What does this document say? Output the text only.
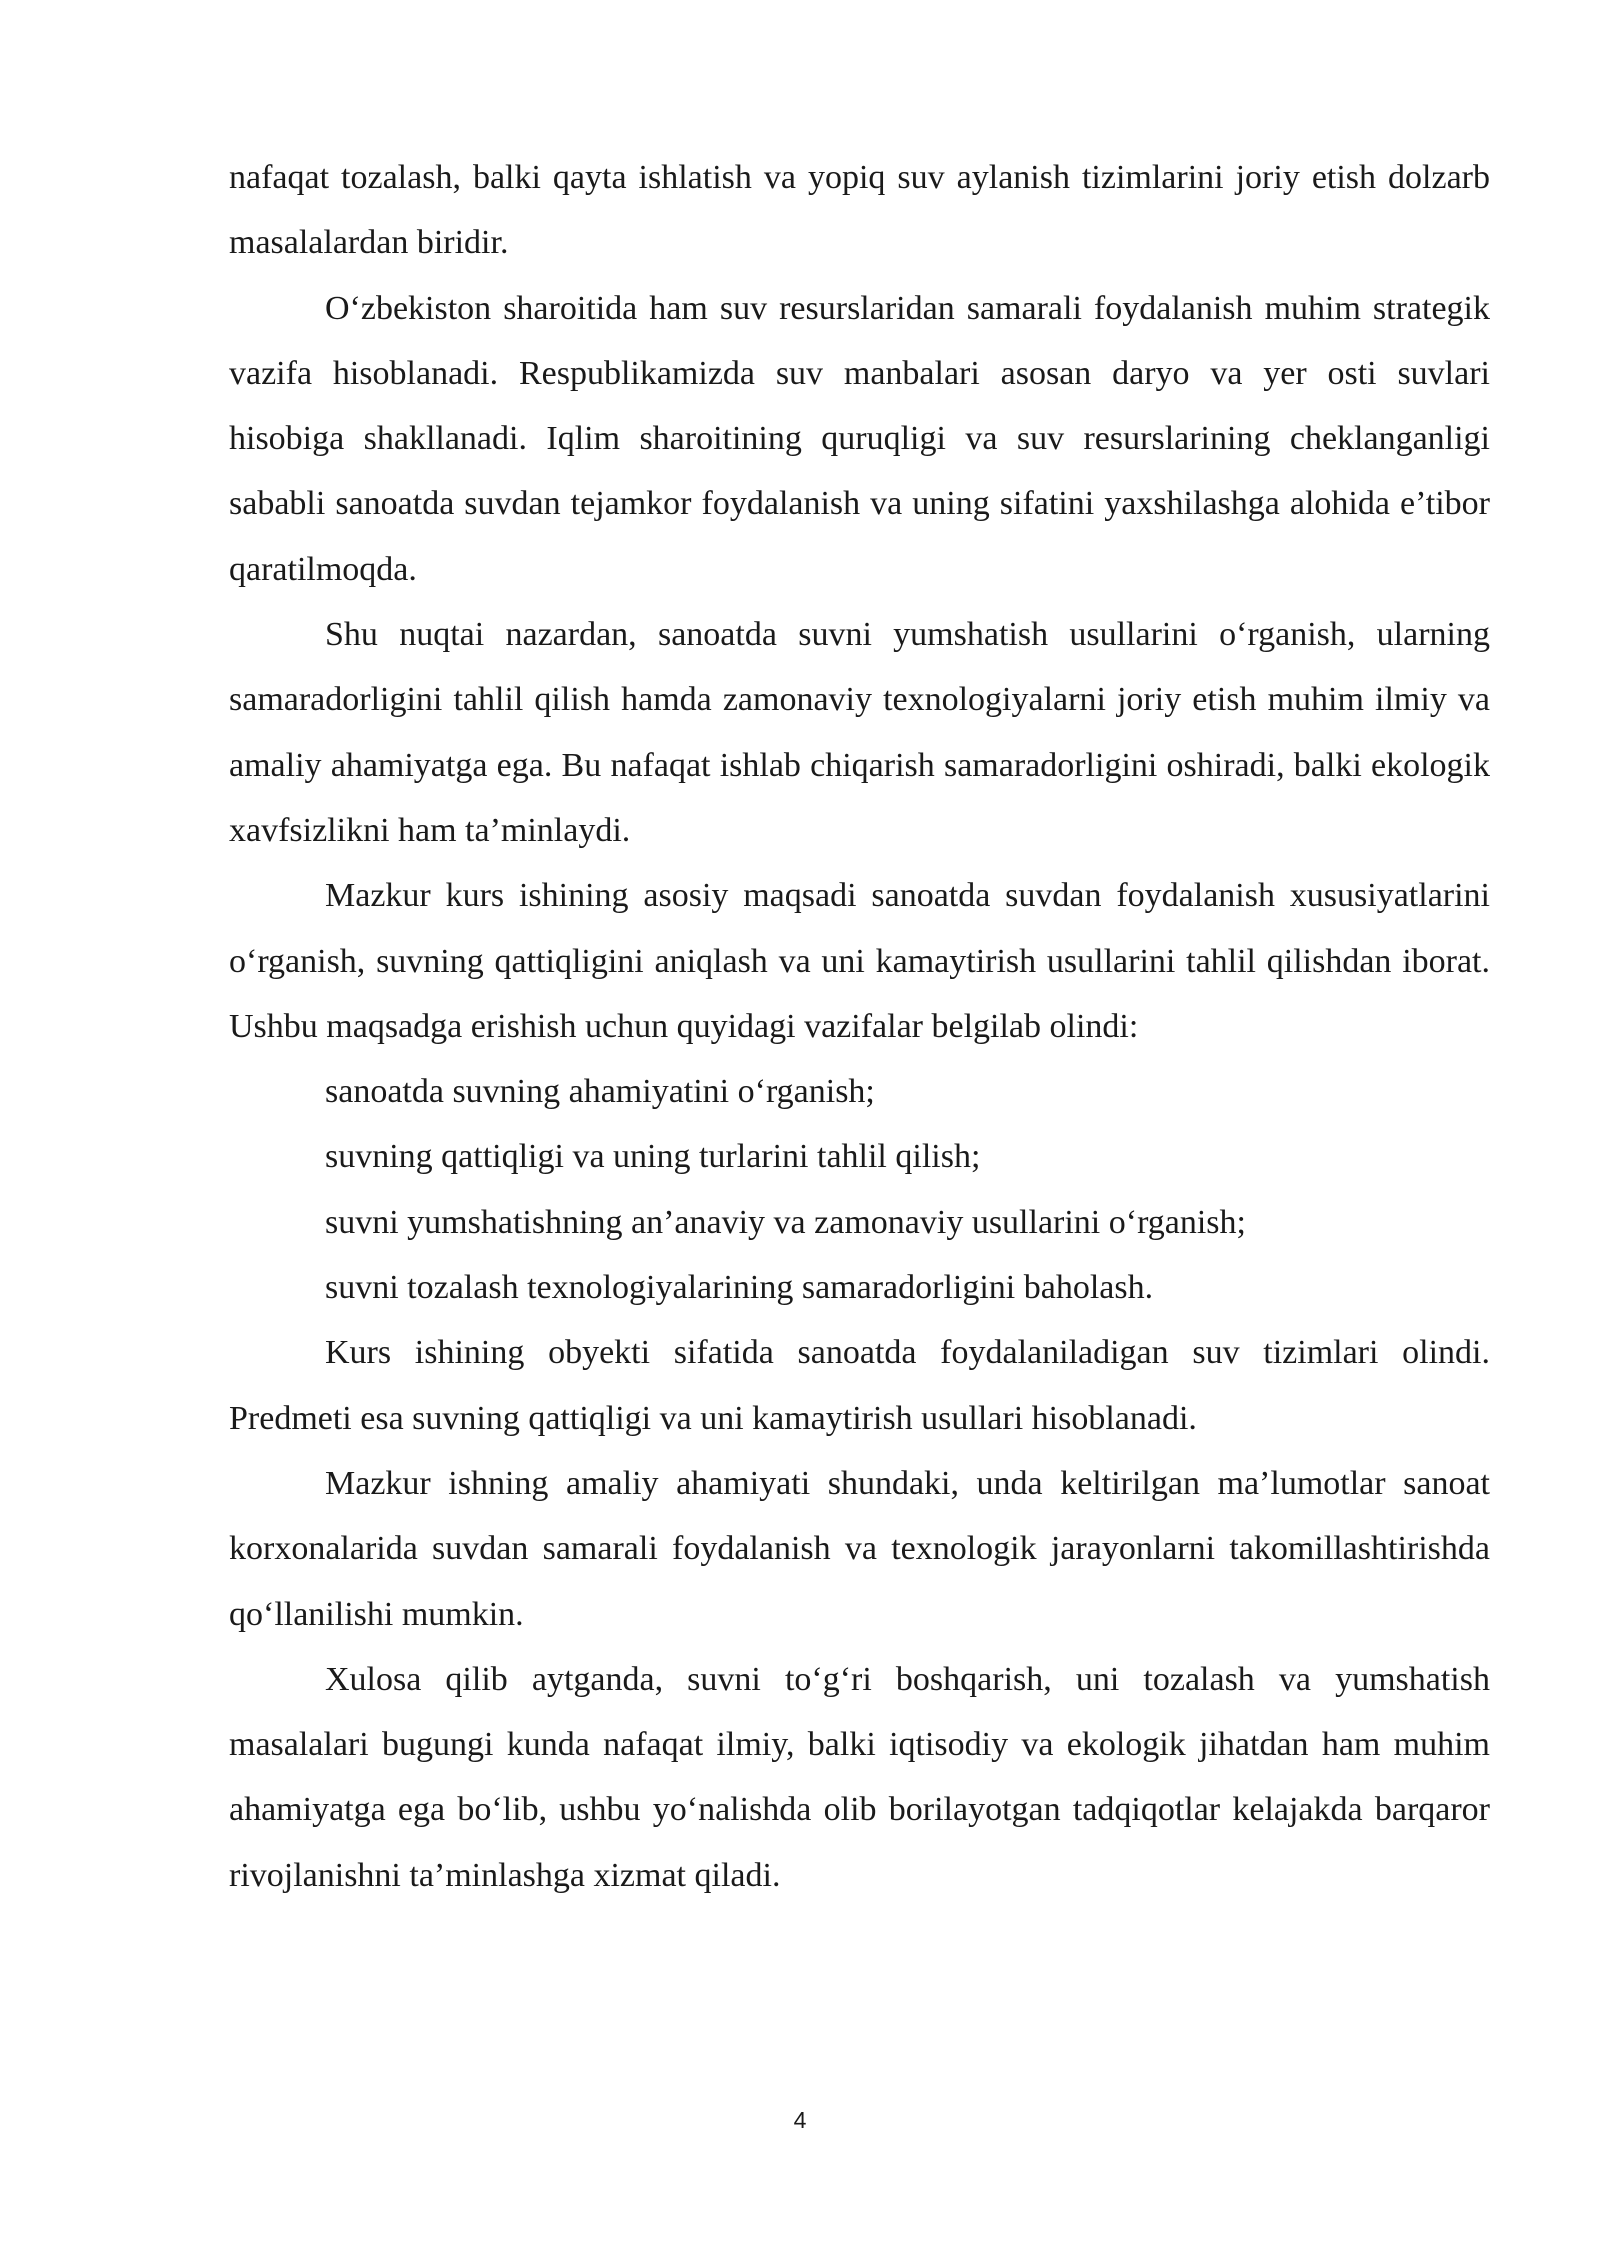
nafaqat tozalash, balki qayta ishlatish va yopiq suv aylanish tizimlarini joriy etish dolzarb masalalardan biridir.

O‘zbekiston sharoitida ham suv resurslaridan samarali foydalanish muhim strategik vazifa hisoblanadi. Respublikamizda suv manbalari asosan daryo va yer osti suvlari hisobiga shakllanadi. Iqlim sharoitining quruqligi va suv resurslarining cheklanganligi sababli sanoatda suvdan tejamkor foydalanish va uning sifatini yaxshilashga alohida e’tibor qaratilmoqda.

Shu nuqtai nazardan, sanoatda suvni yumshatish usullarini o‘rganish, ularning samaradorligini tahlil qilish hamda zamonaviy texnologiyalarni joriy etish muhim ilmiy va amaliy ahamiyatga ega. Bu nafaqat ishlab chiqarish samaradorligini oshiradi, balki ekologik xavfsizlikni ham ta’minlaydi.

Mazkur kurs ishining asosiy maqsadi sanoatda suvdan foydalanish xususiyatlarini o‘rganish, suvning qattiqligini aniqlash va uni kamaytirish usullarini tahlil qilishdan iborat. Ushbu maqsadga erishish uchun quyidagi vazifalar belgilab olindi:

sanoatda suvning ahamiyatini o‘rganish;

suvning qattiqligi va uning turlarini tahlil qilish;

suvni yumshatishning an’anaviy va zamonaviy usullarini o‘rganish;

suvni tozalash texnologiyalarining samaradorligini baholash.

Kurs ishining obyekti sifatida sanoatda foydalaniladigan suv tizimlari olindi. Predmeti esa suvning qattiqligi va uni kamaytirish usullari hisoblanadi.

Mazkur ishning amaliy ahamiyati shundaki, unda keltirilgan ma’lumotlar sanoat korxonalarida suvdan samarali foydalanish va texnologik jarayonlarni takomillashtirishda qo‘llanilishi mumkin.

Xulosa qilib aytganda, suvni to‘g‘ri boshqarish, uni tozalash va yumshatish masalalari bugungi kunda nafaqat ilmiy, balki iqtisodiy va ekologik jihatdan ham muhim ahamiyatga ega bo‘lib, ushbu yo‘nalishda olib borilayotgan tadqiqotlar kelajakda barqaror rivojlanishni ta’minlashga xizmat qiladi.

4
